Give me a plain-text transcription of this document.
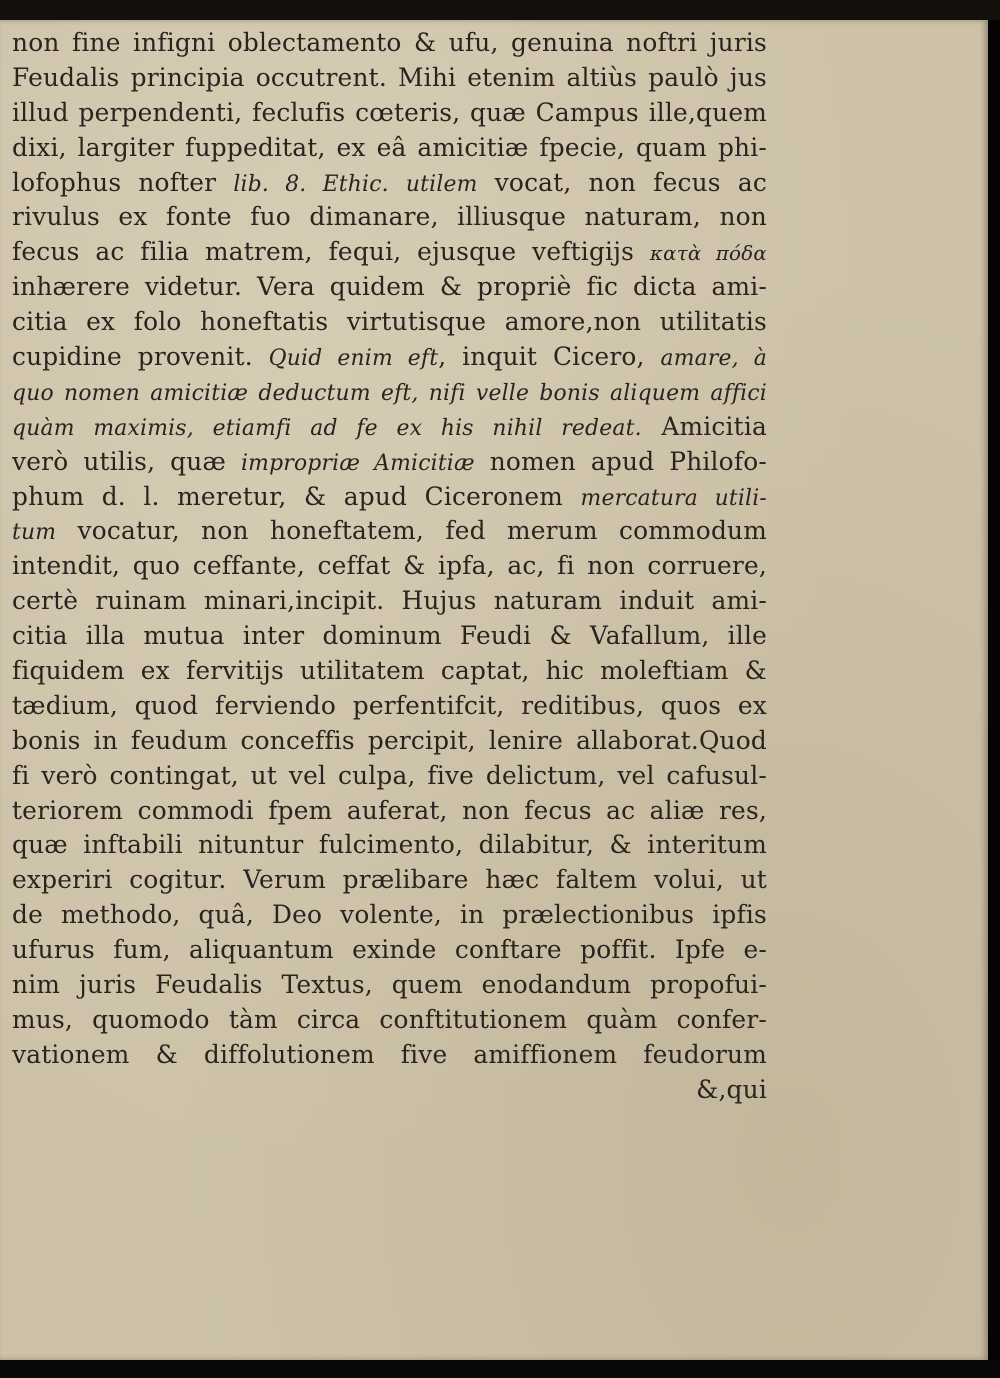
non fine infigni oblectamento & ufu, genuina noftri juris
Feudalis principia occutrent. Mihi etenim altiùs paulò jus
illud perpendenti, feclufis cœteris, quæ Campus ille,quem
dixi, largiter fuppeditat, ex eâ amicitiæ fpecie, quam phi-
lofophus nofter lib. 8. Ethic. utilem vocat, non fecus ac
rivulus ex fonte fuo dimanare, illiusque naturam, non
fecus ac filia matrem, fequi, ejusque veftigijs κατὰ πόδα
inhærere videtur. Vera quidem & propriè fic dicta ami-
citia ex folo honeftatis virtutisque amore,non utilitatis
cupidine provenit. Quid enim eft, inquit Cicero, amare, à
quo nomen amicitiæ deductum eft, nifi velle bonis aliquem affici
quàm maximis, etiamfi ad fe ex his nihil redeat. Amicitia
verò utilis, quæ impropriæ Amicitiæ nomen apud Philofo-
phum d. l. meretur, & apud Ciceronem mercatura utili-
tum vocatur, non honeftatem, fed merum commodum
intendit, quo ceffante, ceffat & ipfa, ac, fi non corruere,
certè ruinam minari,incipit. Hujus naturam induit ami-
citia illa mutua inter dominum Feudi & Vafallum, ille
fiquidem ex fervitijs utilitatem captat, hic moleftiam &
tædium, quod ferviendo perfentifcit, reditibus, quos ex
bonis in feudum conceffis percipit, lenire allaborat.Quod
fi verò contingat, ut vel culpa, five delictum, vel cafusul-
teriorem commodi fpem auferat, non fecus ac aliæ res,
quæ inftabili nituntur fulcimento, dilabitur, & interitum
experiri cogitur. Verum prælibare hæc faltem volui, ut
de methodo, quâ, Deo volente, in prælectionibus ipfis
ufurus fum, aliquantum exinde conftare poffit. Ipfe e-
nim juris Feudalis Textus, quem enodandum propofui-
mus, quomodo tàm circa conftitutionem quàm confer-
vationem & diffolutionem five amiffionem feudorum
&,qui
